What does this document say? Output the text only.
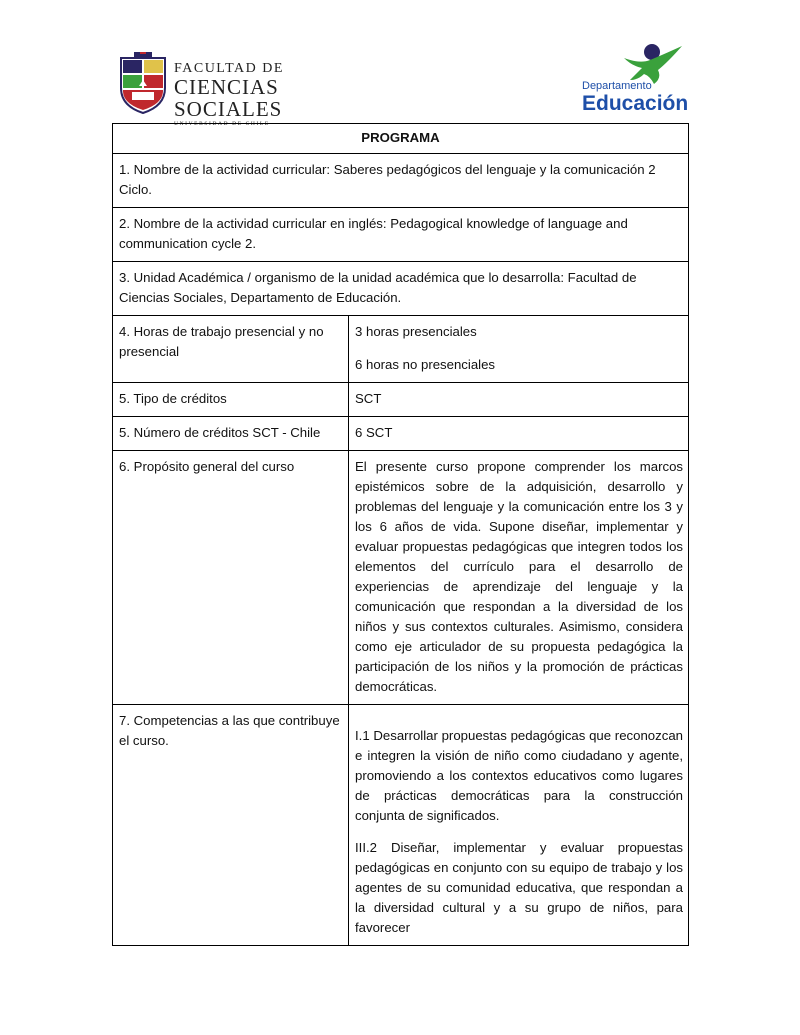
FACULTAD DE
CIENCIAS
SOCIALES
UNIVERSIDAD DE CHILE
Departamento
Educación
PROGRAMA	
1. Nombre de la actividad curricular: Saberes pedagógicos del lenguaje y la comunicación 2 Ciclo.	
2. Nombre de la actividad curricular en inglés: Pedagogical knowledge of language and communication cycle 2.	
3. Unidad Académica / organismo de la unidad académica que lo desarrolla: Facultad de Ciencias Sociales, Departamento de Educación.	
4. Horas de trabajo presencial y no presencial	3 horas presenciales

6 horas no presenciales

5. Tipo de créditos	SCT
5. Número de créditos SCT - Chile	6 SCT
6. Propósito general del curso	El presente curso propone comprender los marcos epistémicos sobre de la adquisición, desarrollo y problemas del lenguaje y la comunicación entre los 3 y los 6 años de vida. Supone diseñar, implementar y evaluar propuestas pedagógicas que integren todos los elementos del currículo para el desarrollo de experiencias de aprendizaje del lenguaje y la comunicación que respondan a la diversidad de los niños y sus contextos culturales. Asimismo, considera como eje articulador de su propuesta pedagógica la participación de los niños y la promoción de prácticas democráticas.
7. Competencias a las que contribuye el curso.	I.1 Desarrollar propuestas pedagógicas que reconozcan e integren la visión de niño como ciudadano y agente, promoviendo a los contextos educativos como lugares de prácticas democráticas para la construcción conjunta de significados.

III.2 Diseñar, implementar y evaluar propuestas pedagógicas en conjunto con su equipo de trabajo y los agentes de su comunidad educativa, que respondan a la diversidad cultural y a su grupo de niños, para favorecer
